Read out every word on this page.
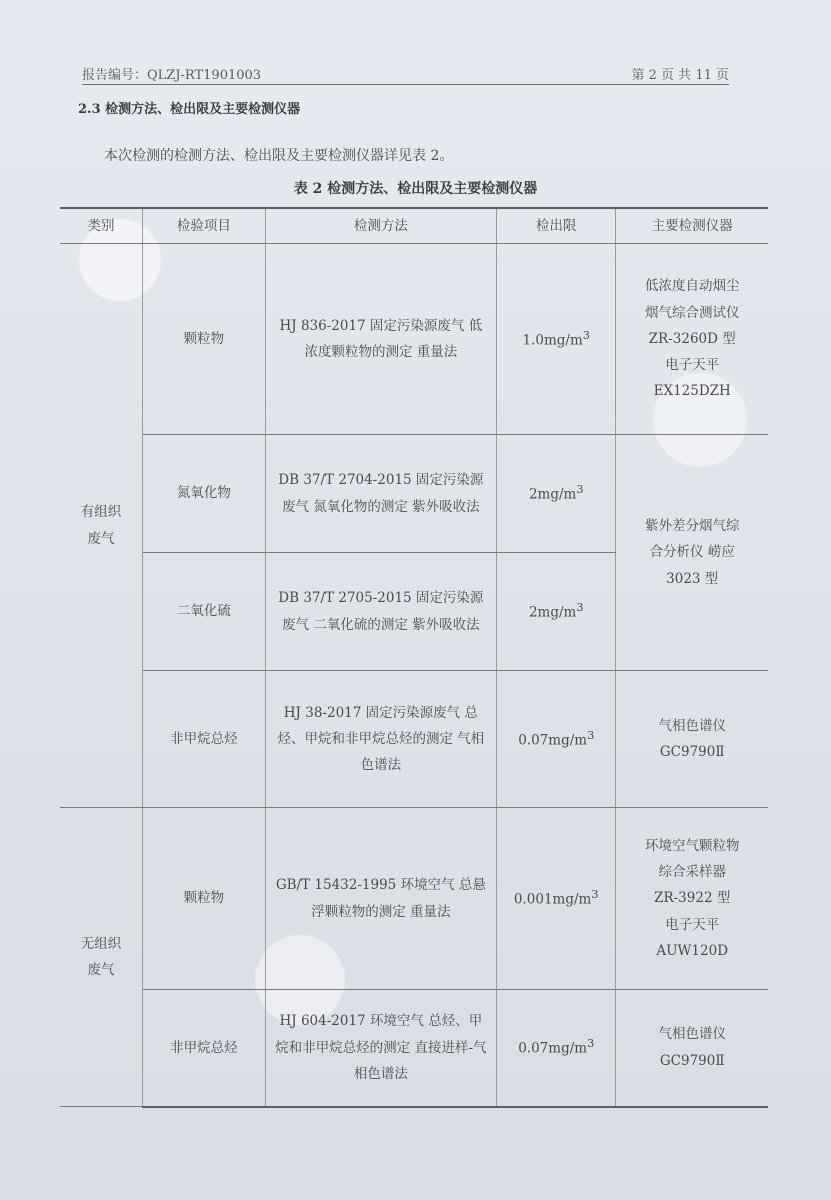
报告编号：QLZJ-RT1901003	第 2 页 共 11 页
2.3 检测方法、检出限及主要检测仪器
本次检测的检测方法、检出限及主要检测仪器详见表 2。
表 2 检测方法、检出限及主要检测仪器
类别	检验项目	检测方法	检出限	主要检测仪器
有组织
废气	颗粒物	HJ 836-2017 固定污染源废气 低浓度颗粒物的测定 重量法	$1.0mg/m^3$	低浓度自动烟尘
烟气综合测试仪
ZR-3260D 型
电子天平
EX125DZH
	氮氧化物	DB 37/T 2704-2015 固定污染源废气 氮氧化物的测定 紫外吸收法	$2mg/m^3$	紫外差分烟气综
合分析仪 崂应
3023 型
	二氧化硫	DB 37/T 2705-2015 固定污染源废气 二氧化硫的测定 紫外吸收法	$2mg/m^3$
	非甲烷总烃	HJ 38-2017 固定污染源废气 总烃、甲烷和非甲烷总烃的测定 气相色谱法	$0.07mg/m^3$	气相色谱仪
GC9790Ⅱ
无组织
废气	颗粒物	GB/T 15432-1995 环境空气 总悬浮颗粒物的测定 重量法	$0.001mg/m^3$	环境空气颗粒物
综合采样器
ZR-3922 型
电子天平
AUW120D
	非甲烷总烃	HJ 604-2017 环境空气 总烃、甲烷和非甲烷总烃的测定 直接进样-气相色谱法	$0.07mg/m^3$	气相色谱仪
GC9790Ⅱ
